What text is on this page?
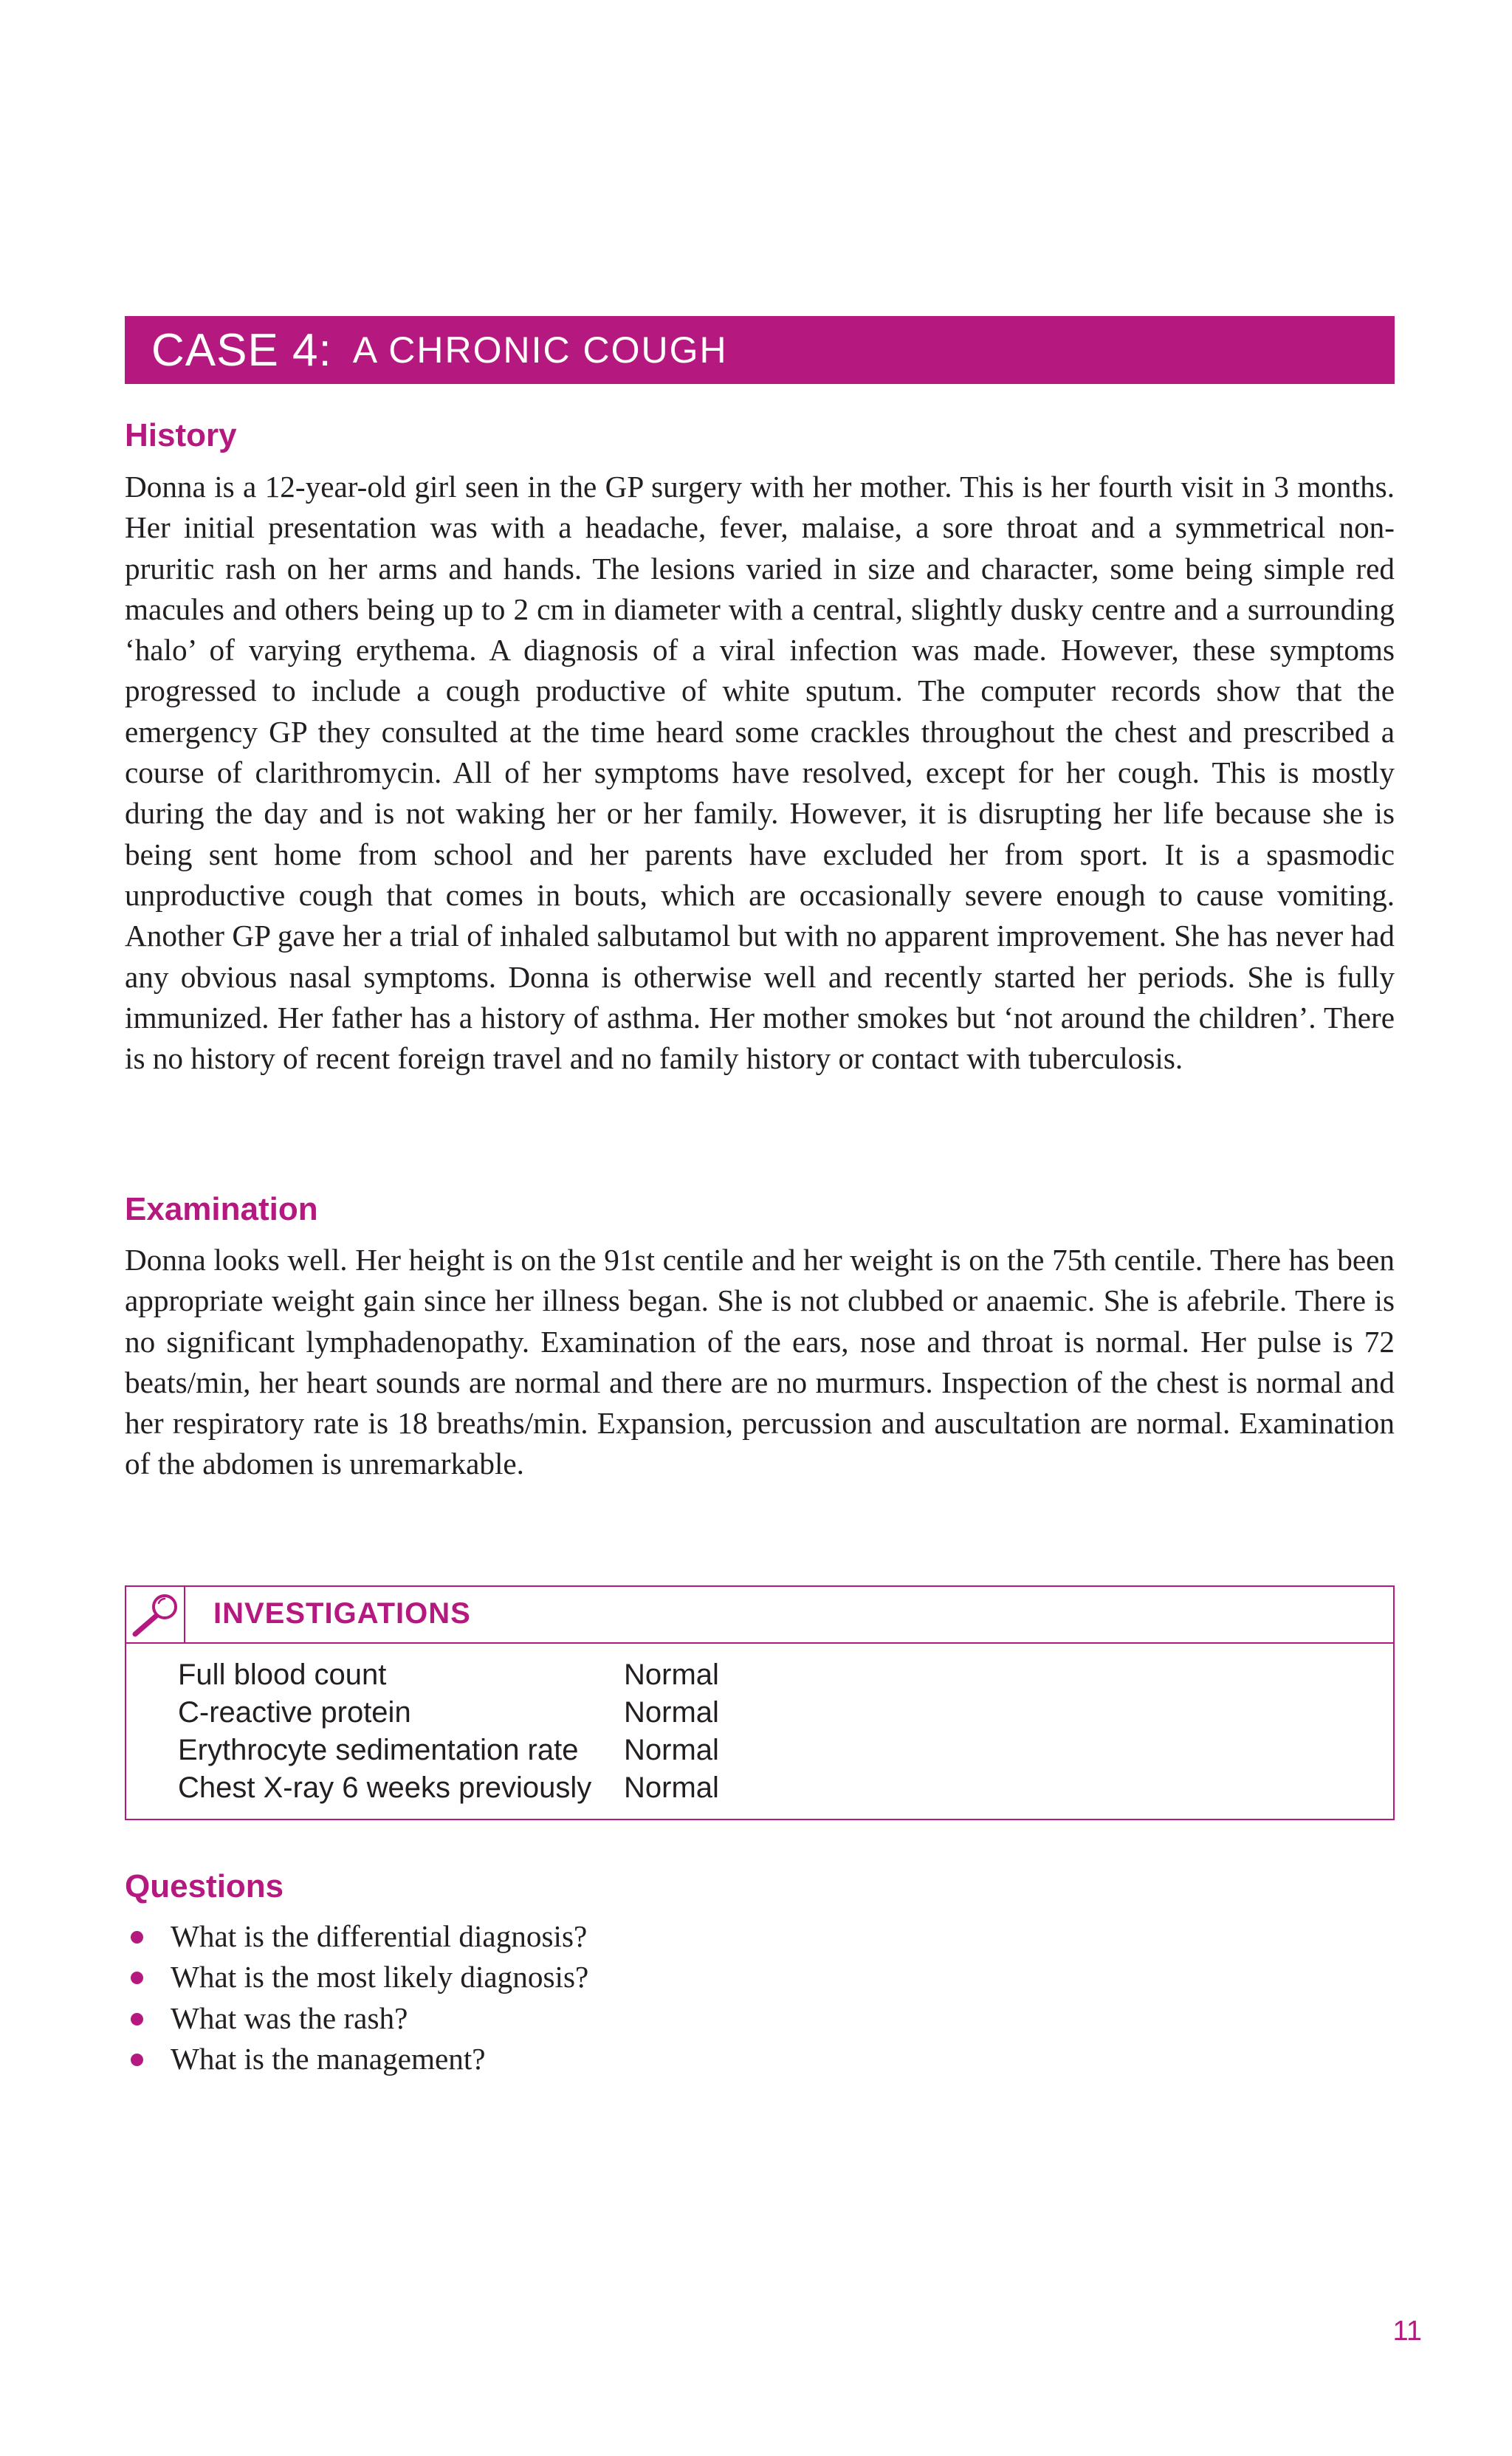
CASE 4: A CHRONIC COUGH
History

Donna is a 12-year-old girl seen in the GP surgery with her mother. This is her fourth visit in 3 months. Her initial presentation was with a headache, fever, malaise, a sore throat and a symmetrical non-pruritic rash on her arms and hands. The lesions varied in size and character, some being simple red macules and others being up to 2 cm in diameter with a central, slightly dusky centre and a surrounding ‘halo’ of varying erythema. A diagnosis of a viral infection was made. However, these symptoms progressed to include a cough productive of white sputum. The computer records show that the emergency GP they consulted at the time heard some crackles throughout the chest and prescribed a course of clarithromycin. All of her symptoms have resolved, except for her cough. This is mostly during the day and is not waking her or her family. However, it is disrupting her life because she is being sent home from school and her parents have excluded her from sport. It is a spasmodic unproductive cough that comes in bouts, which are occasionally severe enough to cause vomiting. Another GP gave her a trial of inhaled salbutamol but with no apparent improvement. She has never had any obvious nasal symptoms. Donna is otherwise well and recently started her periods. She is fully immunized. Her father has a history of asthma. Her mother smokes but ‘not around the children’. There is no history of recent foreign travel and no family history or contact with tuberculosis.

Examination

Donna looks well. Her height is on the 91st centile and her weight is on the 75th centile. There has been appropriate weight gain since her illness began. She is not clubbed or anaemic. She is afebrile. There is no significant lymphadenopathy. Examination of the ears, nose and throat is normal. Her pulse is 72 beats/min, her heart sounds are normal and there are no murmurs. Inspection of the chest is normal and her respiratory rate is 18 breaths/min. Expansion, percussion and auscultation are normal. Examination of the abdomen is unremarkable.

INVESTIGATIONS
Full blood count	Normal
C-reactive protein	Normal
Erythrocyte sedimentation rate	Normal
Chest X-ray 6 weeks previously	Normal
Questions
What is the differential diagnosis?
What is the most likely diagnosis?
What was the rash?
What is the management?
11
